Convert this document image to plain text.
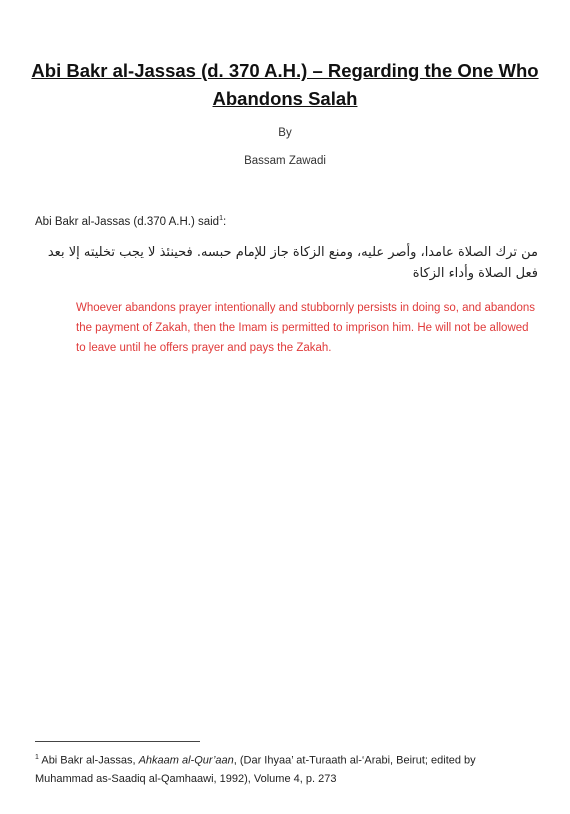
Abi Bakr al-Jassas (d. 370 A.H.) – Regarding the One Who Abandons Salah
By
Bassam Zawadi
Abi Bakr al-Jassas (d.370 A.H.) said$^1$:
من ترك الصلاة عامدا، وأصر عليه، ومنع الزكاة جاز للإمام حبسه. فحينئذ لا يجب تخليته إلا بعد فعل الصلاة وأداء الزكاة
Whoever abandons prayer intentionally and stubbornly persists in doing so, and abandons the payment of Zakah, then the Imam is permitted to imprison him. He will not be allowed to leave until he offers prayer and pays the Zakah.
$^1$ Abi Bakr al-Jassas, Ahkaam al-Qur’aan, (Dar Ihyaa’ at-Turaath al-‘Arabi, Beirut; edited by Muhammad as-Saadiq al-Qamhaawi, 1992), Volume 4, p. 273
